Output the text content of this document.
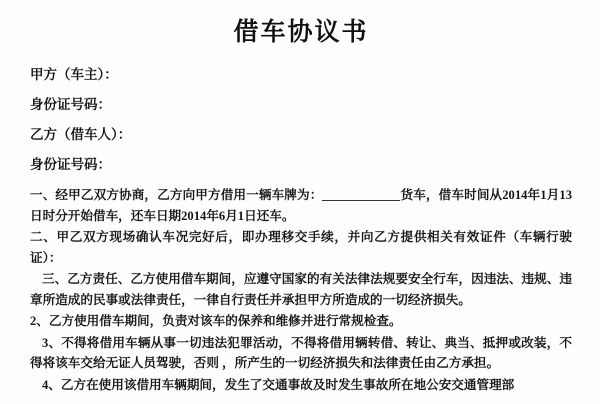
借车协议书
甲方（车主）：
身份证号码：
乙方（借车人）：
身份证号码：
一、经甲乙双方协商，乙方向甲方借用一辆车牌为：	货车，借车时间从2014年1月13日时分开始借车，还车日期2014年6月1日还车。
二、甲乙双方现场确认车况完好后，即办理移交手续，并向乙方提供相关有效证件（车辆行驶证）：
三、乙方责任、乙方使用借车期间，应遵守国家的有关法律法规要安全行车，因违法、违规、违章所造成的民事或法律责任，一律自行责任并承担甲方所造成的一切经济损失。
2、乙方使用借车期间，负责对该车的保养和维修并进行常规检查。
3、不得将借用车辆从事一切违法犯罪活动，不得将借用辆转借、转让、典当、抵押或改装，不得将该车交给无证人员驾驶，否则 ，所产生的一切经济损失和法律责任由乙方承担。
4、乙方在使用该借用车辆期间，发生了交通事故及时发生事故所在地公安交通管理部
